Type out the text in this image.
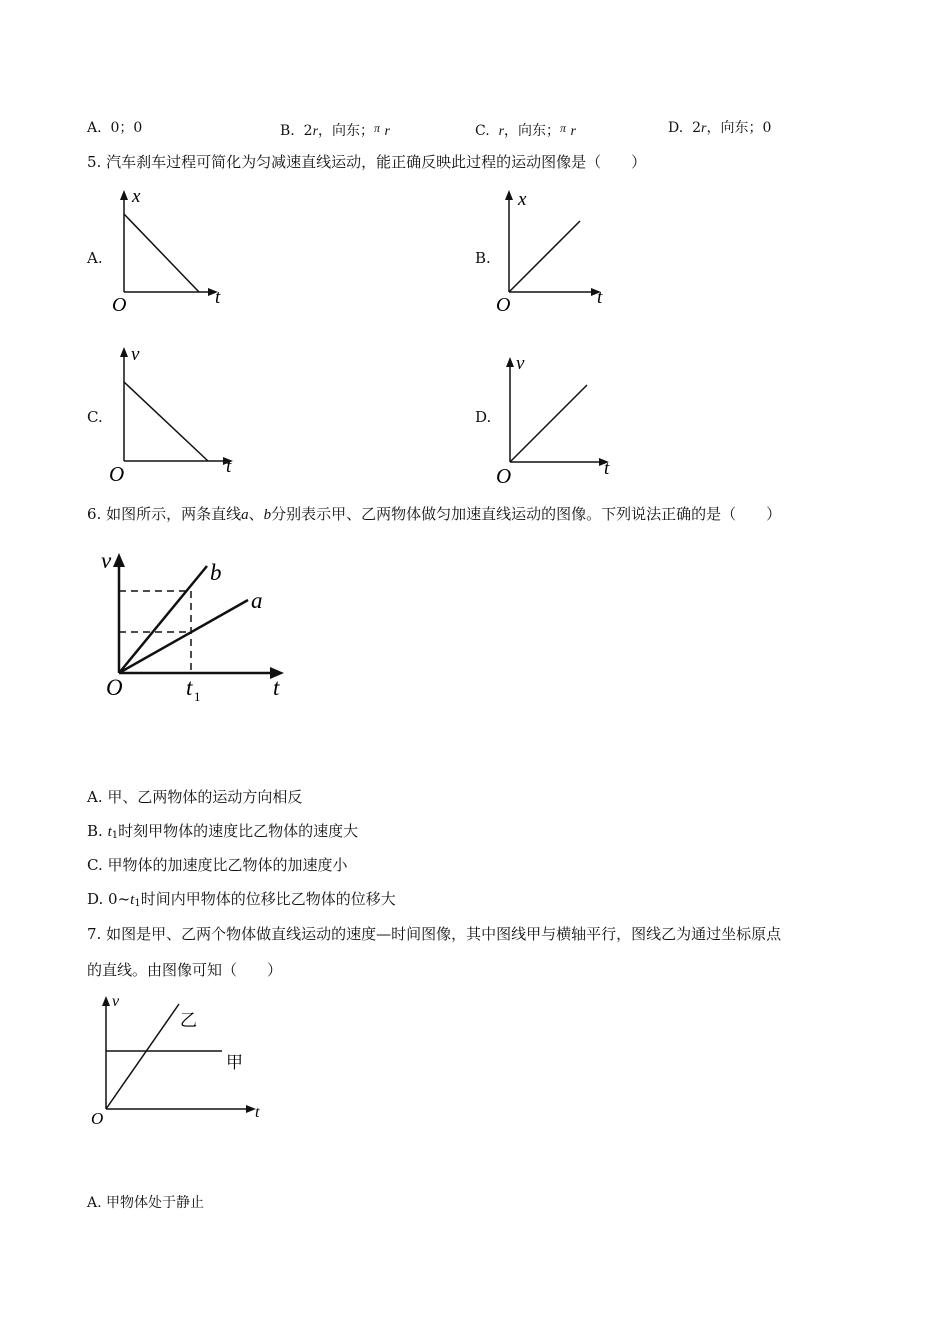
A. 0；0	B. 2r，向东；π r	C. r，向东；π r	D. 2r，向东；0
5. 汽车刹车过程可简化为匀减速直线运动，能正确反映此过程的运动图像是（　　）
A.
x
t
O
B.
x
t
O
C.
v
t
O
D.
v
t
O
6. 如图所示，两条直线a、b分别表示甲、乙两物体做匀加速直线运动的图像。下列说法正确的是（　　）
v	b
a
O	t 1	t
A. 甲、乙两物体的运动方向相反
B. $t_1$时刻甲物体的速度比乙物体的速度大
C. 甲物体的加速度比乙物体的加速度小
D. $0\sim t_1$时间内甲物体的位移比乙物体的位移大
7. 如图是甲、乙两个物体做直线运动的速度—时间图像，其中图线甲与横轴平行，图线乙为通过坐标原点
的直线。由图像可知（　　）
v
乙
甲
O	t
A. 甲物体处于静止
